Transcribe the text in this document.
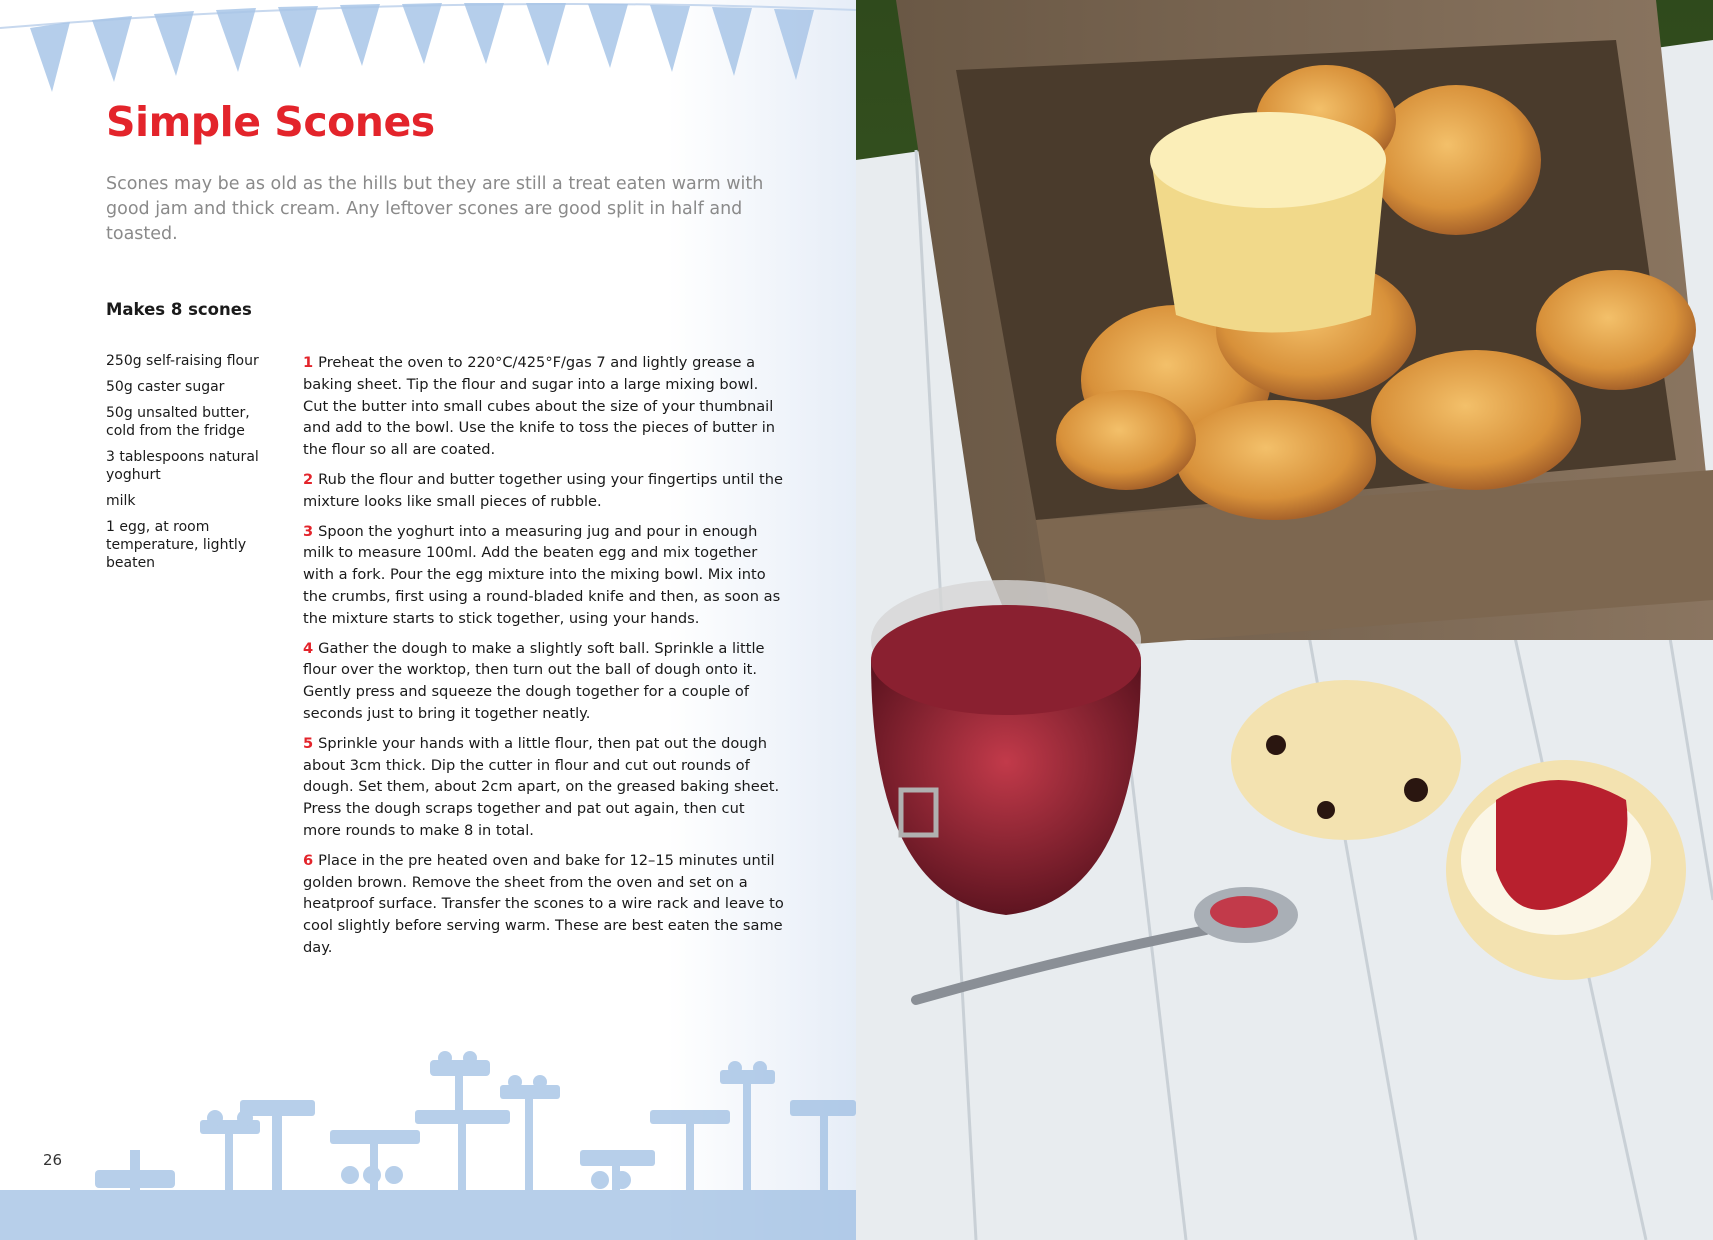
Simple Scones

Scones may be as old as the hills but they are still a treat eaten warm with good jam and thick cream. Any leftover scones are good split in half and toasted.

Makes 8 scones

250g self-raising flour
50g caster sugar
50g unsalted butter, cold from the fridge
3 tablespoons natural yoghurt
milk
1 egg, at room temperature, lightly beaten
1 Preheat the oven to 220°C/425°F/gas 7 and lightly grease a baking sheet. Tip the flour and sugar into a large mixing bowl. Cut the butter into small cubes about the size of your thumbnail and add to the bowl. Use the knife to toss the pieces of butter in the flour so all are coated.
2 Rub the flour and butter together using your fingertips until the mixture looks like small pieces of rubble.
3 Spoon the yoghurt into a measuring jug and pour in enough milk to measure 100ml. Add the beaten egg and mix together with a fork. Pour the egg mixture into the mixing bowl. Mix into the crumbs, first using a round-bladed knife and then, as soon as the mixture starts to stick together, using your hands.
4 Gather the dough to make a slightly soft ball. Sprinkle a little flour over the worktop, then turn out the ball of dough onto it. Gently press and squeeze the dough together for a couple of seconds just to bring it together neatly.
5 Sprinkle your hands with a little flour, then pat out the dough about 3cm thick. Dip the cutter in flour and cut out rounds of dough. Set them, about 2cm apart, on the greased baking sheet. Press the dough scraps together and pat out again, then cut more rounds to make 8 in total.
6 Place in the pre heated oven and bake for 12–15 minutes until golden brown. Remove the sheet from the oven and set on a heatproof surface. Transfer the scones to a wire rack and leave to cool slightly before serving warm. These are best eaten the same day.

26
